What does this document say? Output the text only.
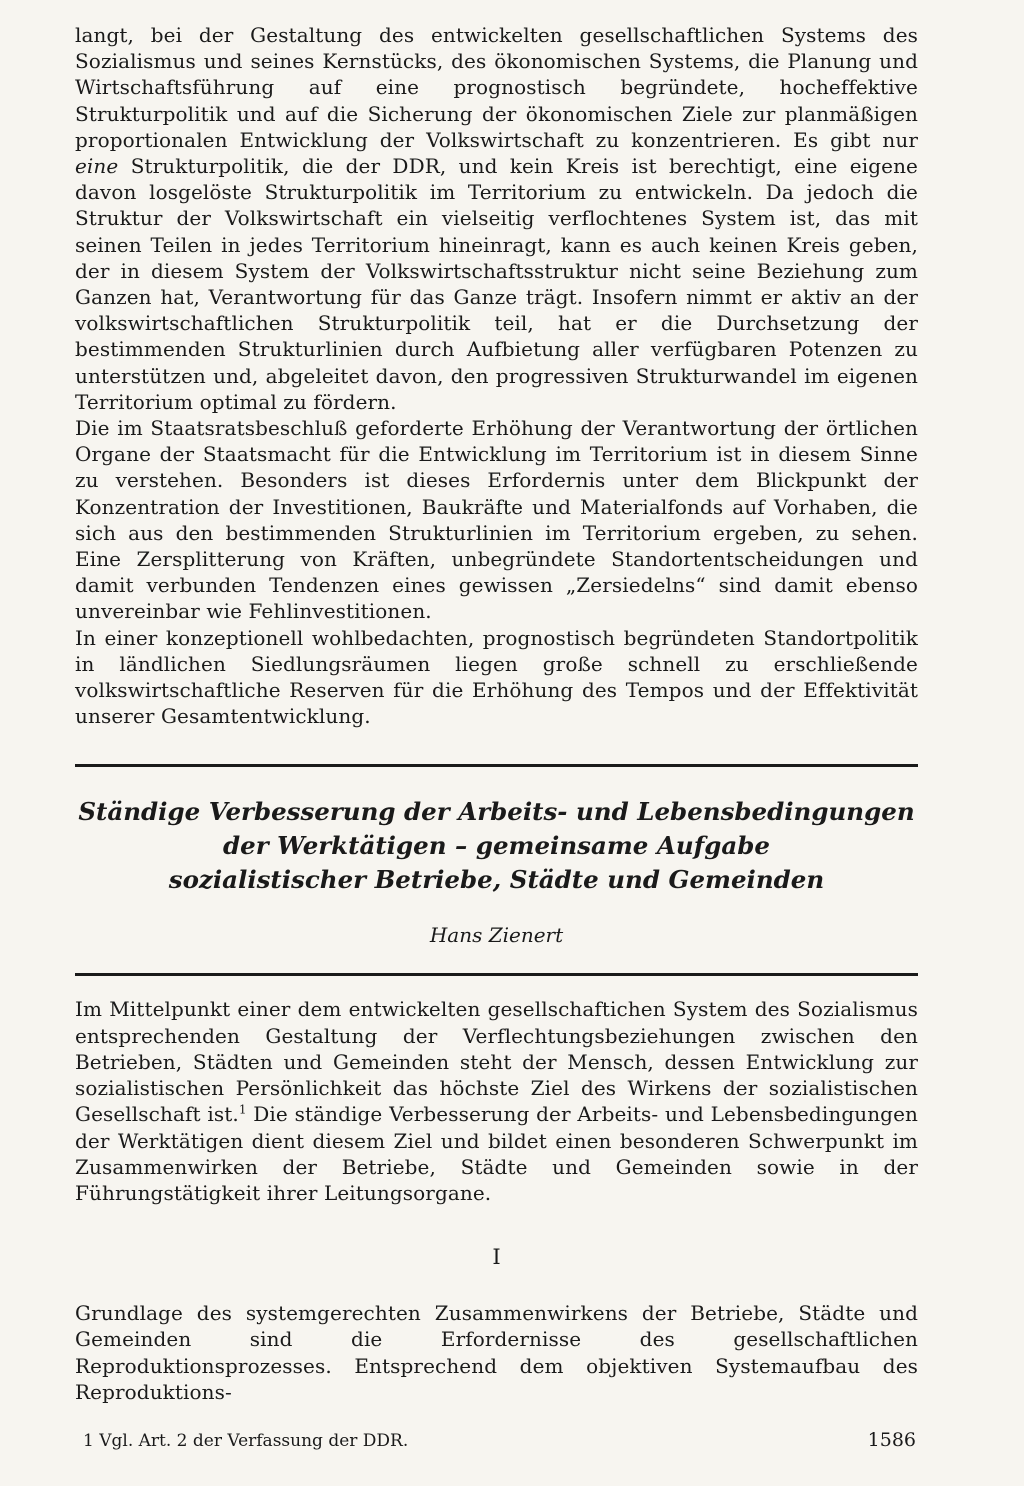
langt, bei der Gestaltung des entwickelten gesellschaftlichen Systems des Sozialismus und seines Kernstücks, des ökonomischen Systems, die Planung und Wirtschaftsführung auf eine prognostisch begründete, hocheffektive Strukturpolitik und auf die Sicherung der ökonomischen Ziele zur planmäßigen proportionalen Entwicklung der Volkswirtschaft zu konzentrieren. Es gibt nur eine Strukturpolitik, die der DDR, und kein Kreis ist berechtigt, eine eigene davon losgelöste Strukturpolitik im Territorium zu entwickeln. Da jedoch die Struktur der Volkswirtschaft ein vielseitig verflochtenes System ist, das mit seinen Teilen in jedes Territorium hineinragt, kann es auch keinen Kreis geben, der in diesem System der Volkswirtschaftsstruktur nicht seine Beziehung zum Ganzen hat, Verantwortung für das Ganze trägt. Insofern nimmt er aktiv an der volkswirtschaftlichen Strukturpolitik teil, hat er die Durchsetzung der bestimmenden Strukturlinien durch Aufbietung aller verfügbaren Potenzen zu unterstützen und, abgeleitet davon, den progressiven Strukturwandel im eigenen Territorium optimal zu fördern.

Die im Staatsratsbeschluß geforderte Erhöhung der Verantwortung der örtlichen Organe der Staatsmacht für die Entwicklung im Territorium ist in diesem Sinne zu verstehen. Besonders ist dieses Erfordernis unter dem Blickpunkt der Konzentration der Investitionen, Baukräfte und Materialfonds auf Vorhaben, die sich aus den bestimmenden Strukturlinien im Territorium ergeben, zu sehen. Eine Zersplitterung von Kräften, unbegründete Standortentscheidungen und damit verbunden Tendenzen eines gewissen „Zersiedelns“ sind damit ebenso unvereinbar wie Fehlinvestitionen.

In einer konzeptionell wohlbedachten, prognostisch begründeten Standortpolitik in ländlichen Siedlungsräumen liegen große schnell zu erschließende volkswirtschaftliche Reserven für die Erhöhung des Tempos und der Effektivität unserer Gesamtentwicklung.

Ständige Verbesserung der Arbeits- und Lebensbedingungen

der Werktätigen – gemeinsame Aufgabe

sozialistischer Betriebe, Städte und Gemeinden

Hans Zienert

Im Mittelpunkt einer dem entwickelten gesellschaftichen System des Sozialismus entsprechenden Gestaltung der Verflechtungsbeziehungen zwischen den Betrieben, Städten und Gemeinden steht der Mensch, dessen Entwicklung zur sozialistischen Persönlichkeit das höchste Ziel des Wirkens der sozialistischen Gesellschaft ist.$^1$ Die ständige Verbesserung der Arbeits- und Lebensbedingungen der Werktätigen dient diesem Ziel und bildet einen besonderen Schwerpunkt im Zusammenwirken der Betriebe, Städte und Gemeinden sowie in der Führungstätigkeit ihrer Leitungsorgane.

I

Grundlage des systemgerechten Zusammenwirkens der Betriebe, Städte und Gemeinden sind die Erfordernisse des gesellschaftlichen Reproduktionsprozesses. Entsprechend dem objektiven Systemaufbau des Reproduktions-

1 Vgl. Art. 2 der Verfassung der DDR.	1586
